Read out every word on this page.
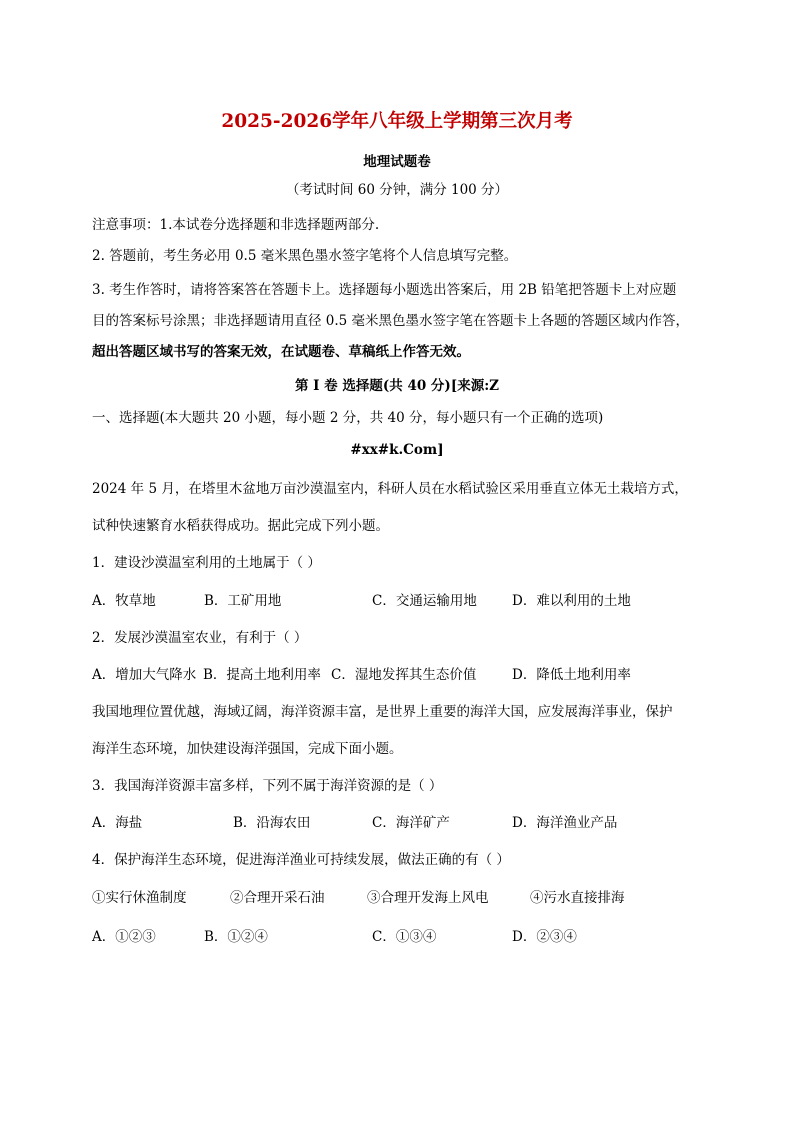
2025-2026学年八年级上学期第三次月考
地理试题卷
（考试时间 60 分钟，满分 100 分）
注意事项：1.本试卷分选择题和非选择题两部分.
2. 答题前，考生务必用 0.5 毫米黑色墨水签字笔将个人信息填写完整。
3. 考生作答时，请将答案答在答题卡上。选择题每小题选出答案后，用 2B 铅笔把答题卡上对应题
目的答案标号涂黑；非选择题请用直径 0.5 毫米黑色墨水签字笔在答题卡上各题的答题区域内作答，
超出答题区域书写的答案无效，在试题卷、草稿纸上作答无效。
第 I 卷 选择题(共 40 分)[来源:Z
一、选择题(本大题共 20 小题，每小题 2 分，共 40 分，每小题只有一个正确的选项)
#xx#k.Com]
2024 年 5 月，在塔里木盆地万亩沙漠温室内，科研人员在水稻试验区采用垂直立体无土栽培方式，
试种快速繁育水稻获得成功。据此完成下列小题。
1．建设沙漠温室利用的土地属于（ ）
A．牧草地	B．工矿用地	C．交通运输用地	D．难以利用的土地
2．发展沙漠温室农业，有利于（ ）
A．增加大气降水 B．提高土地利用率 C．湿地发挥其生态价值	D．降低土地利用率
我国地理位置优越，海域辽阔，海洋资源丰富，是世界上重要的海洋大国，应发展海洋事业，保护
海洋生态环境，加快建设海洋强国，完成下面小题。
3．我国海洋资源丰富多样，下列不属于海洋资源的是（ ）
A．海盐	B．沿海农田	C．海洋矿产	D．海洋渔业产品
4．保护海洋生态环境，促进海洋渔业可持续发展，做法正确的有（ ）
①实行休渔制度	②合理开采石油	③合理开发海上风电	④污水直接排海
A．①②③	B．①②④	C．①③④	D．②③④
